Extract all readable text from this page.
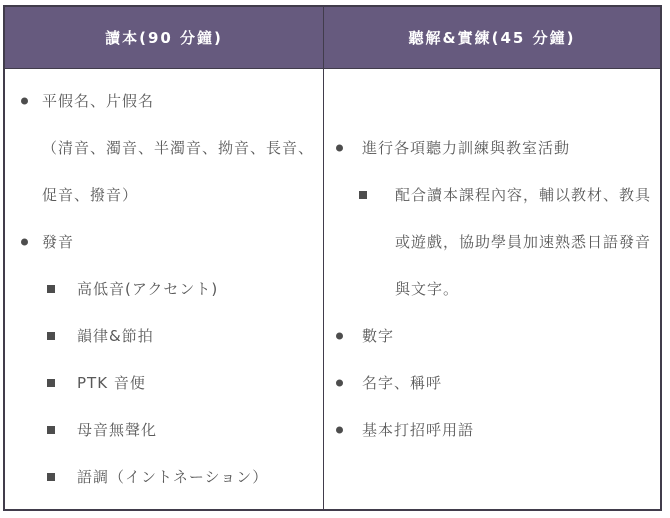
讀本(90 分鐘)	聽解&實練(45 分鐘)
平假名、片假名
（清音、濁音、半濁音、拗音、長音、
促音、撥音）
發音
高低音(アクセント)
韻律&節拍
PTK 音便
母音無聲化
語調（イントネーション）
進行各項聽力訓練與教室活動
配合讀本課程內容，輔以教材、教具
或遊戲，協助學員加速熟悉日語發音
與文字。
數字
名字、稱呼
基本打招呼用語
